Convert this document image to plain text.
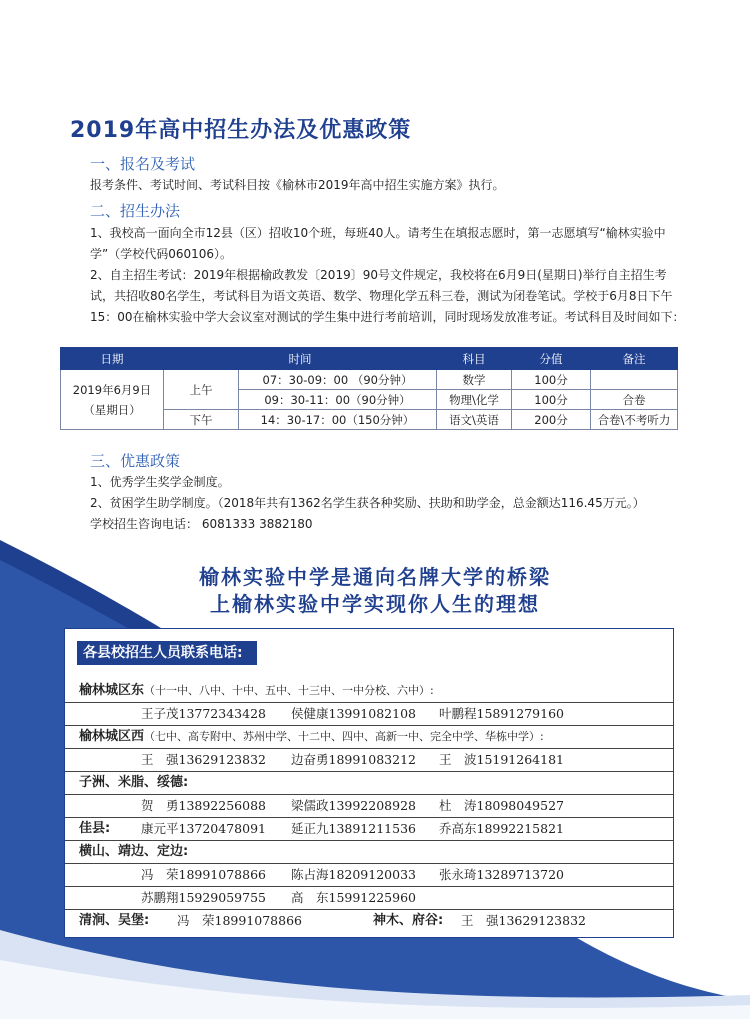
2019年高中招生办法及优惠政策
一、报名及考试

报考条件、考试时间、考试科目按《榆林市2019年高中招生实施方案》执行。

二、招生办法

1、我校高一面向全市12县（区）招收10个班，每班40人。请考生在填报志愿时，第一志愿填写“榆林实验中学”（学校代码060106）。

2、自主招生考试：2019年根据榆政教发〔2019〕90号文件规定，我校将在6月9日(星期日)举行自主招生考试，共招收80名学生，考试科目为语文英语、数学、物理化学五科三卷，测试为闭卷笔试。学校于6月8日下午15：00在榆林实验中学大会议室对测试的学生集中进行考前培训，同时现场发放准考证。考试科目及时间如下：

日期	时间		科目	分值	备注

2019年6月9日
（星期日）	上午	07：30-09：00 （90分钟）	数学	100分	
		09：30-11：00（90分钟）	物理\化学	100分	合卷
	下午	14：30-17：00（150分钟）	语文\英语	200分	合卷\不考听力
三、优惠政策

1、优秀学生奖学金制度。

2、贫困学生助学制度。（2018年共有1362名学生获各种奖励、扶助和助学金，总金额达116.45万元。）

学校招生咨询电话： 6081333 3882180

榆林实验中学是通向名牌大学的桥梁
上榆林实验中学实现你人生的理想
各县校招生人员联系电话:
榆林城区东（十一中、八中、十中、五中、十三中、一中分校、六中）:
王子茂13772343428 侯健康13991082108 叶鹏程15891279160
榆林城区西（七中、高专附中、苏州中学、十二中、四中、高新一中、完全中学、华栋中学）:
王　强13629123832 边奋勇18991083212 王　波15191264181
子洲、米脂、绥德:
贺　勇13892256088 梁儒政13992208928 杜　涛18098049527
佳县: 康元平13720478091 延正九13891211536 乔高东18992215821
横山、靖边、定边:
冯　荣18991078866 陈占海18209120033 张永琦13289713720
苏鹏翔15929059755 高　东15991225960
清涧、吴堡: 冯　荣18991078866	神木、府谷: 王　强13629123832
